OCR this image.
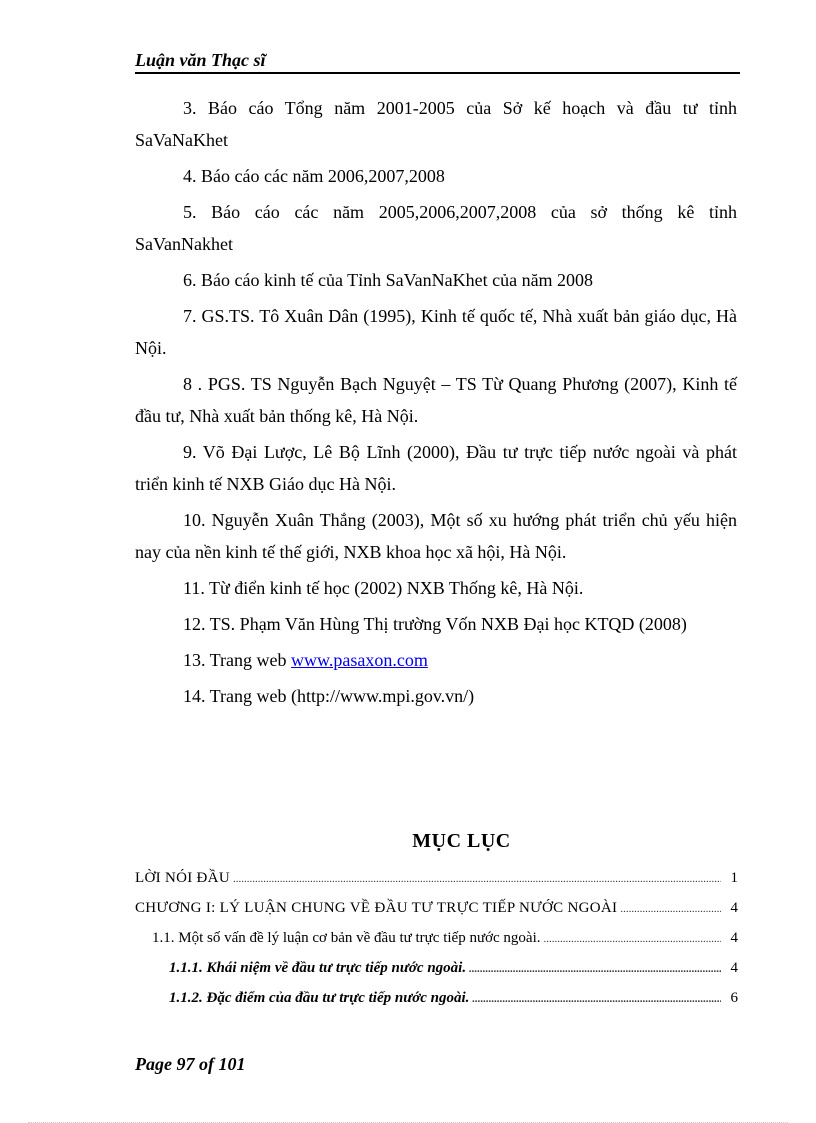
Luận văn Thạc sĩ

3. Báo cáo Tổng năm 2001-2005 của Sở kế hoạch và đầu tư tỉnh SaVaNaKhet

4. Báo cáo các năm 2006,2007,2008

5. Báo cáo các năm 2005,2006,2007,2008 của sở thống kê tỉnh SaVanNakhet

6. Báo cáo kinh tế của Tỉnh SaVanNaKhet của năm 2008

7. GS.TS. Tô Xuân Dân (1995), Kinh tế quốc tế, Nhà xuất bản giáo dục, Hà Nội.

8 . PGS. TS Nguyễn Bạch Nguyệt – TS Từ Quang Phương (2007), Kinh tế đầu tư, Nhà xuất bản thống kê, Hà Nội.

9. Võ Đại Lược, Lê Bộ Lĩnh (2000), Đầu tư trực tiếp nước ngoài và phát triển kinh tế NXB Giáo dục Hà Nội.

10. Nguyễn Xuân Thắng (2003), Một số xu hướng phát triển chủ yếu hiện nay của nền kinh tế thế giới, NXB khoa học xã hội, Hà Nội.

11. Từ điển kinh tế học (2002) NXB Thống kê, Hà Nội.

12. TS. Phạm Văn Hùng Thị trường Vốn NXB Đại học KTQD (2008)

13. Trang web www.pasaxon.com

14. Trang web (http://www.mpi.gov.vn/)

MỤC LỤC
LỜI NÓI ĐẦU .....	1
CHƯƠNG I: LÝ LUẬN CHUNG VỀ ĐẦU TƯ TRỰC TIẾP NƯỚC NGOÀI .....	4
1.1. Một số vấn đề lý luận cơ bản về đầu tư trực tiếp nước ngoài. .....	4
1.1.1. Khái niệm về đầu tư trực tiếp nước ngoài. .....	4
1.1.2. Đặc điểm của đầu tư trực tiếp nước ngoài. .....	6
Page 97 of 101
